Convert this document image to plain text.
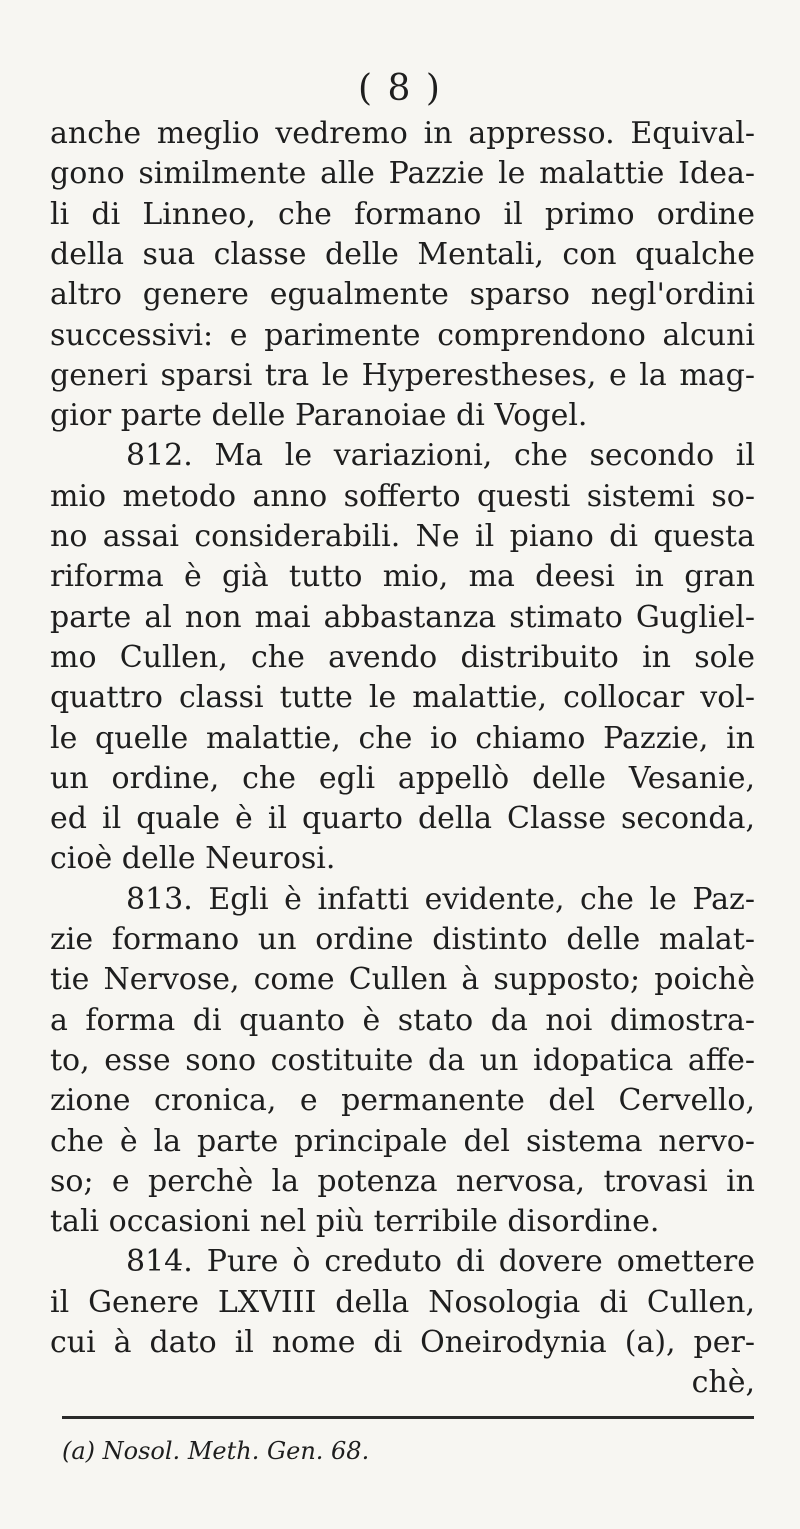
( 8 )
anche meglio vedremo in appresso. Equival-
gono similmente alle Pazzie le malattie Idea-
li di Linneo, che formano il primo ordine
della sua classe delle Mentali, con qualche
altro genere egualmente sparso negl'ordini
successivi: e parimente comprendono alcuni
generi sparsi tra le Hyperestheses, e la mag-
gior parte delle Paranoiae di Vogel.
812. Ma le variazioni, che secondo il
mio metodo anno sofferto questi sistemi so-
no assai considerabili. Ne il piano di questa
riforma è già tutto mio, ma deesi in gran
parte al non mai abbastanza stimato Gugliel-
mo Cullen, che avendo distribuito in sole
quattro classi tutte le malattie, collocar vol-
le quelle malattie, che io chiamo Pazzie, in
un ordine, che egli appellò delle Vesanie,
ed il quale è il quarto della Classe seconda,
cioè delle Neurosi.
813. Egli è infatti evidente, che le Paz-
zie formano un ordine distinto delle malat-
tie Nervose, come Cullen à supposto; poichè
a forma di quanto è stato da noi dimostra-
to, esse sono costituite da un idopatica affe-
zione cronica, e permanente del Cervello,
che è la parte principale del sistema nervo-
so; e perchè la potenza nervosa, trovasi in
tali occasioni nel più terribile disordine.
814. Pure ò creduto di dovere omettere
il Genere LXVIII della Nosologia di Cullen,
cui à dato il nome di Oneirodynia (a), per-
chè,
(a) Nosol. Meth. Gen. 68.
